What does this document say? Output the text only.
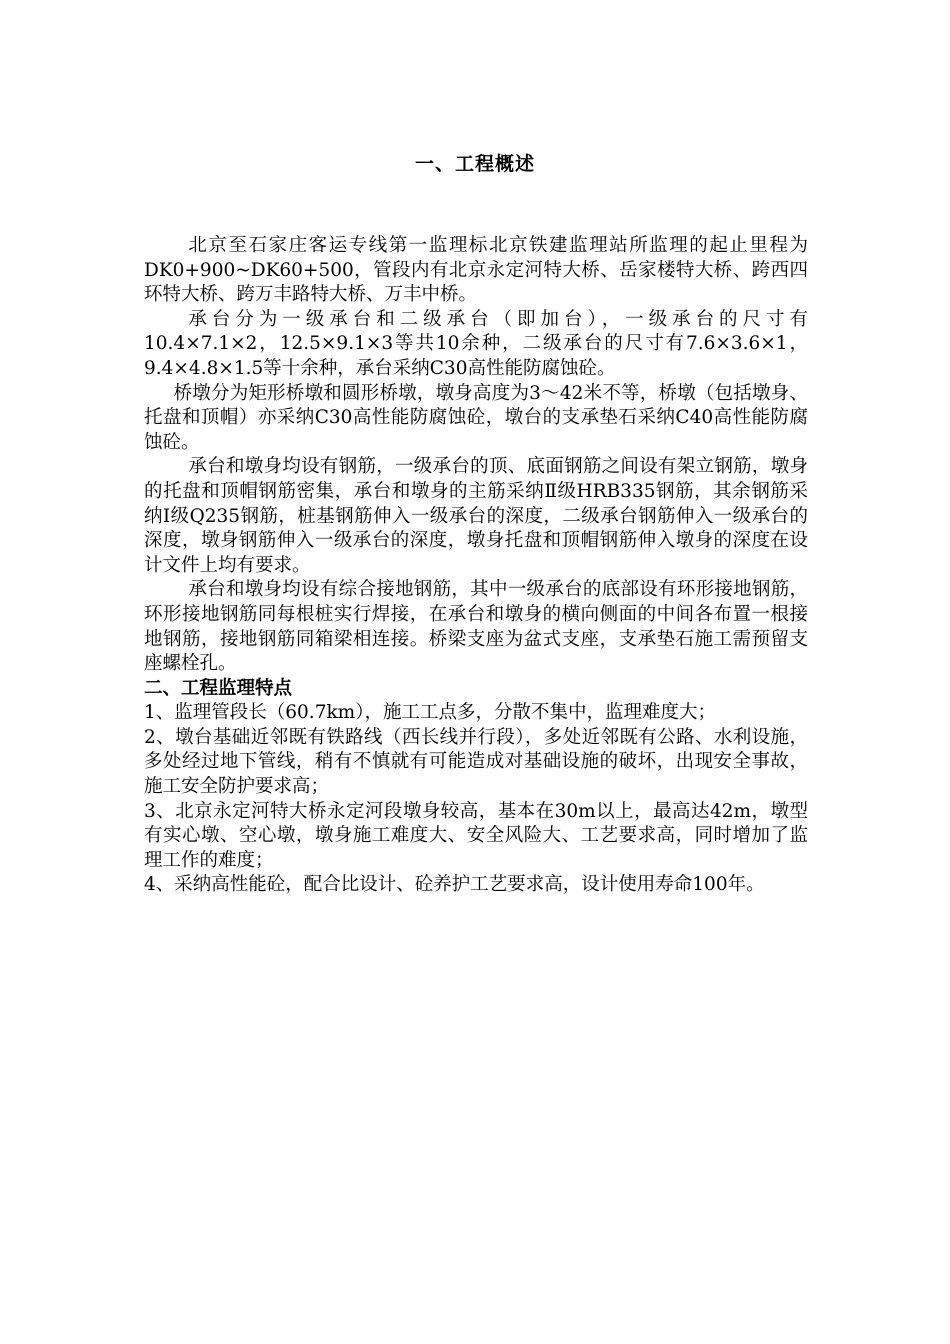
一、工程概述

北京至石家庄客运专线第一监理标北京铁建监理站所监理的起止里程为DK0+900~DK60+500，管段内有北京永定河特大桥、岳家楼特大桥、跨西四环特大桥、跨万丰路特大桥、万丰中桥。

承台分为一级承台和二级承台（即加台），一级承台的尺寸有10.4×7.1×2，12.5×9.1×3等共10余种，二级承台的尺寸有7.6×3.6×1，9.4×4.8×1.5等十余种，承台采纳C30高性能防腐蚀砼。

桥墩分为矩形桥墩和圆形桥墩，墩身高度为3～42米不等，桥墩（包括墩身、托盘和顶帽）亦采纳C30高性能防腐蚀砼，墩台的支承垫石采纳C40高性能防腐蚀砼。

承台和墩身均设有钢筋，一级承台的顶、底面钢筋之间设有架立钢筋，墩身的托盘和顶帽钢筋密集，承台和墩身的主筋采纳Ⅱ级HRB335钢筋，其余钢筋采纳Ⅰ级Q235钢筋，桩基钢筋伸入一级承台的深度，二级承台钢筋伸入一级承台的深度，墩身钢筋伸入一级承台的深度，墩身托盘和顶帽钢筋伸入墩身的深度在设计文件上均有要求。

承台和墩身均设有综合接地钢筋，其中一级承台的底部设有环形接地钢筋，环形接地钢筋同每根桩实行焊接，在承台和墩身的横向侧面的中间各布置一根接地钢筋，接地钢筋同箱梁相连接。桥梁支座为盆式支座，支承垫石施工需预留支座螺栓孔。

二、工程监理特点

1、监理管段长（60.7km），施工工点多，分散不集中，监理难度大；

2、墩台基础近邻既有铁路线（西长线并行段），多处近邻既有公路、水利设施，多处经过地下管线，稍有不慎就有可能造成对基础设施的破坏，出现安全事故，施工安全防护要求高；

3、北京永定河特大桥永定河段墩身较高，基本在30m以上，最高达42m，墩型有实心墩、空心墩，墩身施工难度大、安全风险大、工艺要求高，同时增加了监理工作的难度；

4、采纳高性能砼，配合比设计、砼养护工艺要求高，设计使用寿命100年。
